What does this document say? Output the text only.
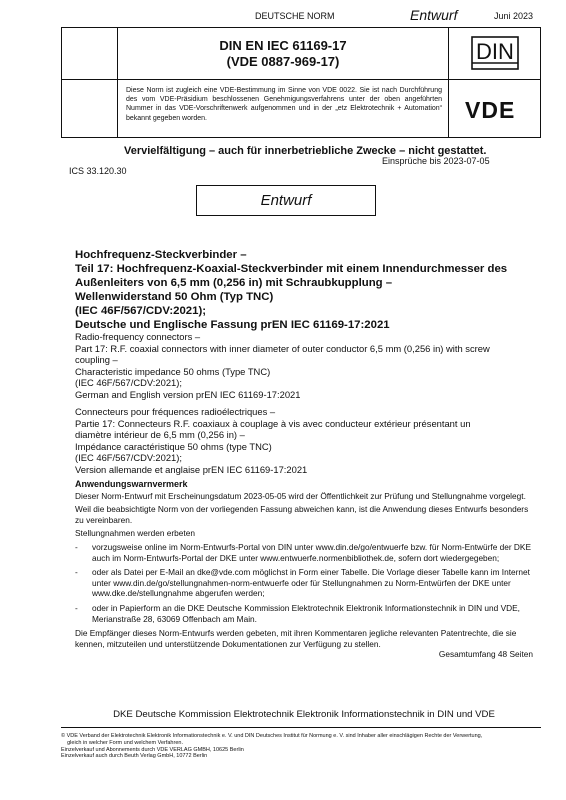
DEUTSCHE NORM	Entwurf	Juni 2023
DIN EN IEC 61169-17
(VDE 0887-969-17)	DIN
Diese Norm ist zugleich eine VDE-Bestimmung im Sinne von VDE 0022. Sie ist nach Durchführung des vom VDE-Präsidium beschlossenen Genehmigungsverfahrens unter der oben angeführten Nummer in das VDE-Vorschriftenwerk aufgenommen und in der „etz Elektrotechnik + Automation“ bekannt gegeben worden.	VDE
Vervielfältigung – auch für innerbetriebliche Zwecke – nicht gestattet.
Einsprüche bis 2023-07-05
ICS 33.120.30
Entwurf
Hochfrequenz-Steckverbinder –
Teil 17: Hochfrequenz-Koaxial-Steckverbinder mit einem Innendurchmesser des
Außenleiters von 6,5 mm (0,256 in) mit Schraubkupplung –
Wellenwiderstand 50 Ohm (Typ TNC)
(IEC 46F/567/CDV:2021);
Deutsche und Englische Fassung prEN IEC 61169-17:2021
Radio-frequency connectors –
Part 17: R.F. coaxial connectors with inner diameter of outer conductor 6,5 mm (0,256 in) with screw
coupling –
Characteristic impedance 50 ohms (Type TNC)
(IEC 46F/567/CDV:2021);
German and English version prEN IEC 61169-17:2021
Connecteurs pour fréquences radioélectriques –
Partie 17: Connecteurs R.F. coaxiaux à couplage à vis avec conducteur extérieur présentant un
diamètre intérieur de 6,5 mm (0,256 in) –
Impédance caractéristique 50 ohms (type TNC)
(IEC 46F/567/CDV:2021);
Version allemande et anglaise prEN IEC 61169-17:2021
Anwendungswarnvermerk

Dieser Norm-Entwurf mit Erscheinungsdatum 2023-05-05 wird der Öffentlichkeit zur Prüfung und Stellungnahme vorgelegt.

Weil die beabsichtigte Norm von der vorliegenden Fassung abweichen kann, ist die Anwendung dieses Entwurfs besonders zu vereinbaren.

Stellungnahmen werden erbeten

- vorzugsweise online im Norm-Entwurfs-Portal von DIN unter www.din.de/go/entwuerfe bzw. für Norm-Entwürfe der DKE auch im Norm-Entwurfs-Portal der DKE unter www.entwuerfe.normenbibliothek.de, sofern dort wiedergegeben;
- oder als Datei per E-Mail an dke@vde.com möglichst in Form einer Tabelle. Die Vorlage dieser Tabelle kann im Internet unter www.din.de/go/stellungnahmen-norm-entwuerfe oder für Stellungnahmen zu Norm-Entwürfen der DKE unter www.dke.de/stellungnahme abgerufen werden;
- oder in Papierform an die DKE Deutsche Kommission Elektrotechnik Elektronik Informationstechnik in DIN und VDE, Merianstraße 28, 63069 Offenbach am Main.

Die Empfänger dieses Norm-Entwurfs werden gebeten, mit ihren Kommentaren jegliche relevanten Patentrechte, die sie kennen, mitzuteilen und unterstützende Dokumentationen zur Verfügung zu stellen.

Gesamtumfang 48 Seiten
DKE Deutsche Kommission Elektrotechnik Elektronik Informationstechnik in DIN und VDE
© VDE Verband der Elektrotechnik Elektronik Informationstechnik e. V. und DIN Deutsches Institut für Normung e. V. sind Inhaber aller einschlägigen Rechte der Verwertung,
gleich in welcher Form und welchem Verfahren.
Einzelverkauf und Abonnements durch VDE VERLAG GMBH, 10625 Berlin
Einzelverkauf auch durch Beuth Verlag GmbH, 10772 Berlin
